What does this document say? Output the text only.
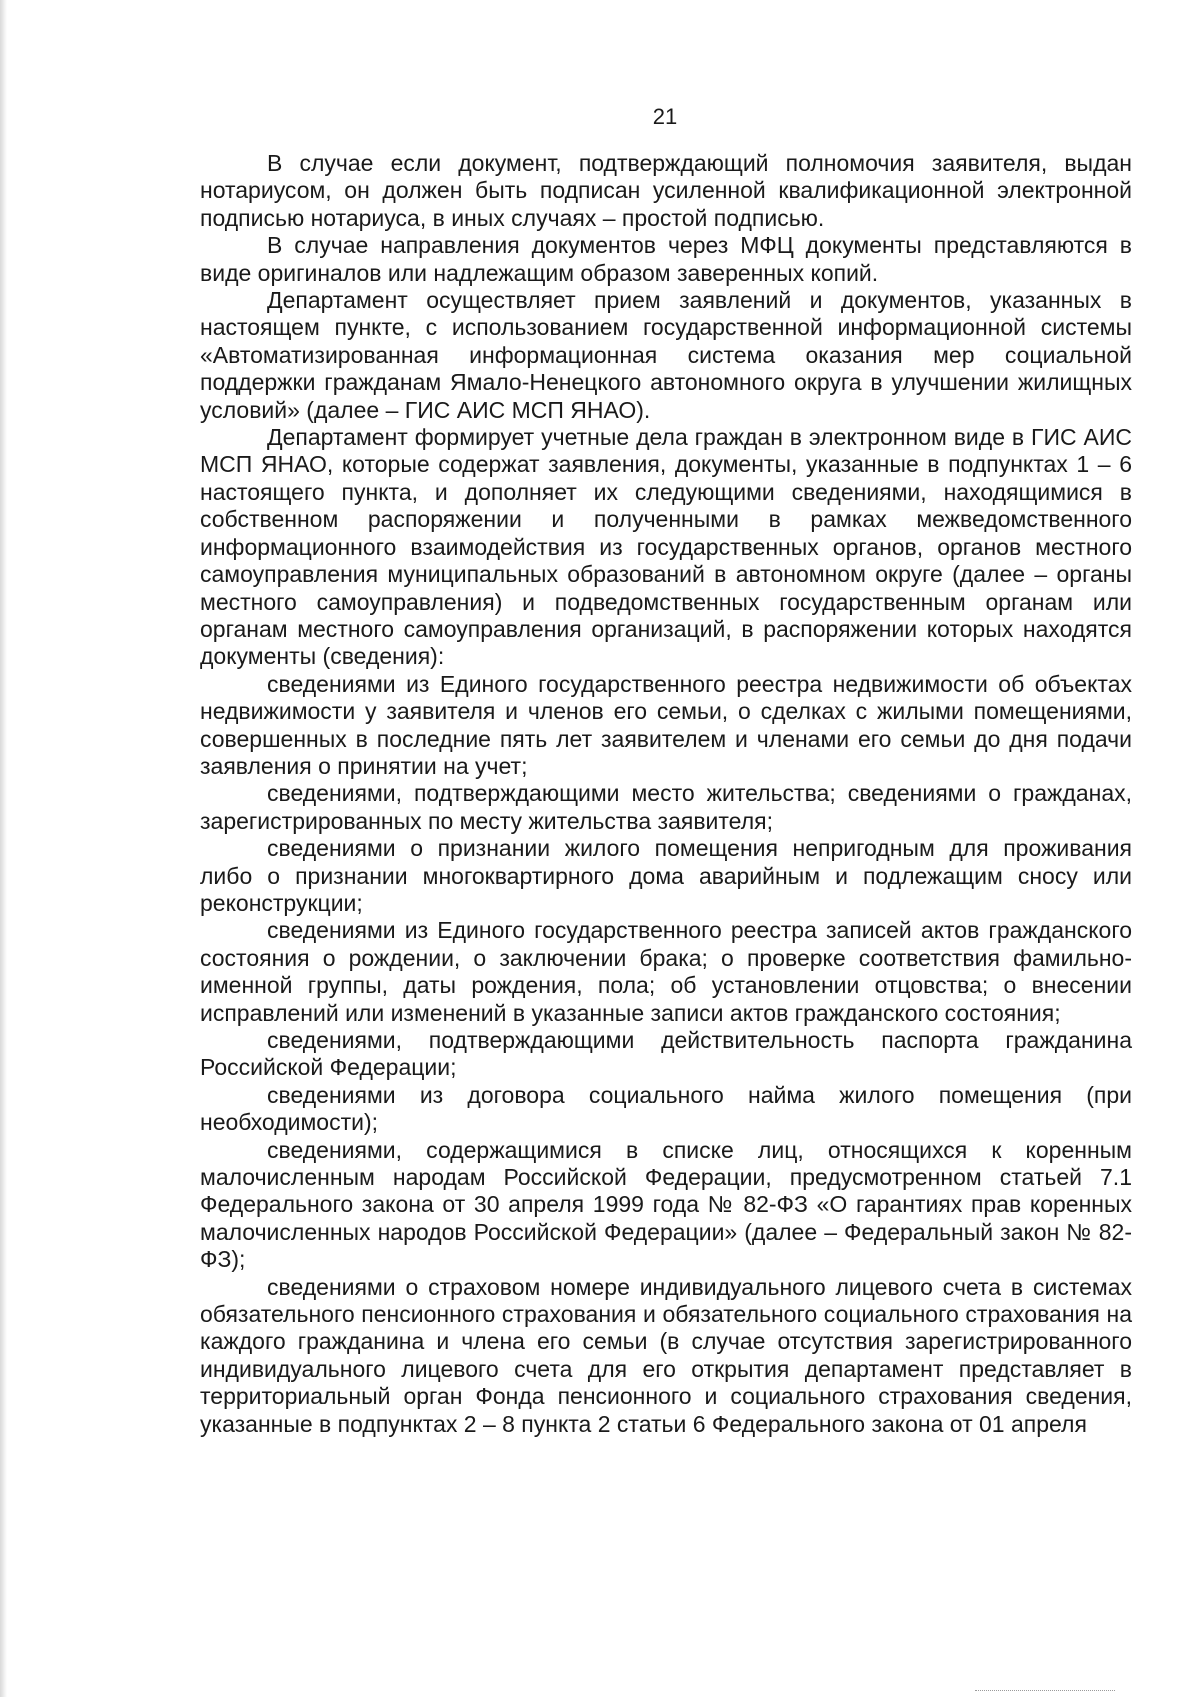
21

В случае если документ, подтверждающий полномочия заявителя, выдан нотариусом, он должен быть подписан усиленной квалификационной электронной подписью нотариуса, в иных случаях – простой подписью.

В случае направления документов через МФЦ документы представляются в виде оригиналов или надлежащим образом заверенных копий.

Департамент осуществляет прием заявлений и документов, указанных в настоящем пункте, с использованием государственной информационной системы «Автоматизированная информационная система оказания мер социальной поддержки гражданам Ямало-Ненецкого автономного округа в улучшении жилищных условий» (далее – ГИС АИС МСП ЯНАО).

Департамент формирует учетные дела граждан в электронном виде в ГИС АИС МСП ЯНАО, которые содержат заявления, документы, указанные в подпунктах 1 – 6 настоящего пункта, и дополняет их следующими сведениями, находящимися в собственном распоряжении и полученными в рамках межведомственного информационного взаимодействия из государственных органов, органов местного самоуправления муниципальных образований в автономном округе (далее – органы местного самоуправления) и подведомственных государственным органам или органам местного самоуправления организаций, в распоряжении которых находятся документы (сведения):

сведениями из Единого государственного реестра недвижимости об объектах недвижимости у заявителя и членов его семьи, о сделках с жилыми помещениями, совершенных в последние пять лет заявителем и членами его семьи до дня подачи заявления о принятии на учет;

сведениями, подтверждающими место жительства; сведениями о гражданах, зарегистрированных по месту жительства заявителя;

сведениями о признании жилого помещения непригодным для проживания либо о признании многоквартирного дома аварийным и подлежащим сносу или реконструкции;

сведениями из Единого государственного реестра записей актов гражданского состояния о рождении, о заключении брака; о проверке соответствия фамильно-именной группы, даты рождения, пола; об установлении отцовства; о внесении исправлений или изменений в указанные записи актов гражданского состояния;

сведениями, подтверждающими действительность паспорта гражданина Российской Федерации;

сведениями из договора социального найма жилого помещения (при необходимости);

сведениями, содержащимися в списке лиц, относящихся к коренным малочисленным народам Российской Федерации, предусмотренном статьей 7.1 Федерального закона от 30 апреля 1999 года № 82-ФЗ «О гарантиях прав коренных малочисленных народов Российской Федерации» (далее – Федеральный закон № 82-ФЗ);

сведениями о страховом номере индивидуального лицевого счета в системах обязательного пенсионного страхования и обязательного социального страхования на каждого гражданина и члена его семьи (в случае отсутствия зарегистрированного индивидуального лицевого счета для его открытия департамент представляет в территориальный орган Фонда пенсионного и социального страхования сведения, указанные в подпунктах 2 – 8 пункта 2 статьи 6 Федерального закона от 01 апреля
